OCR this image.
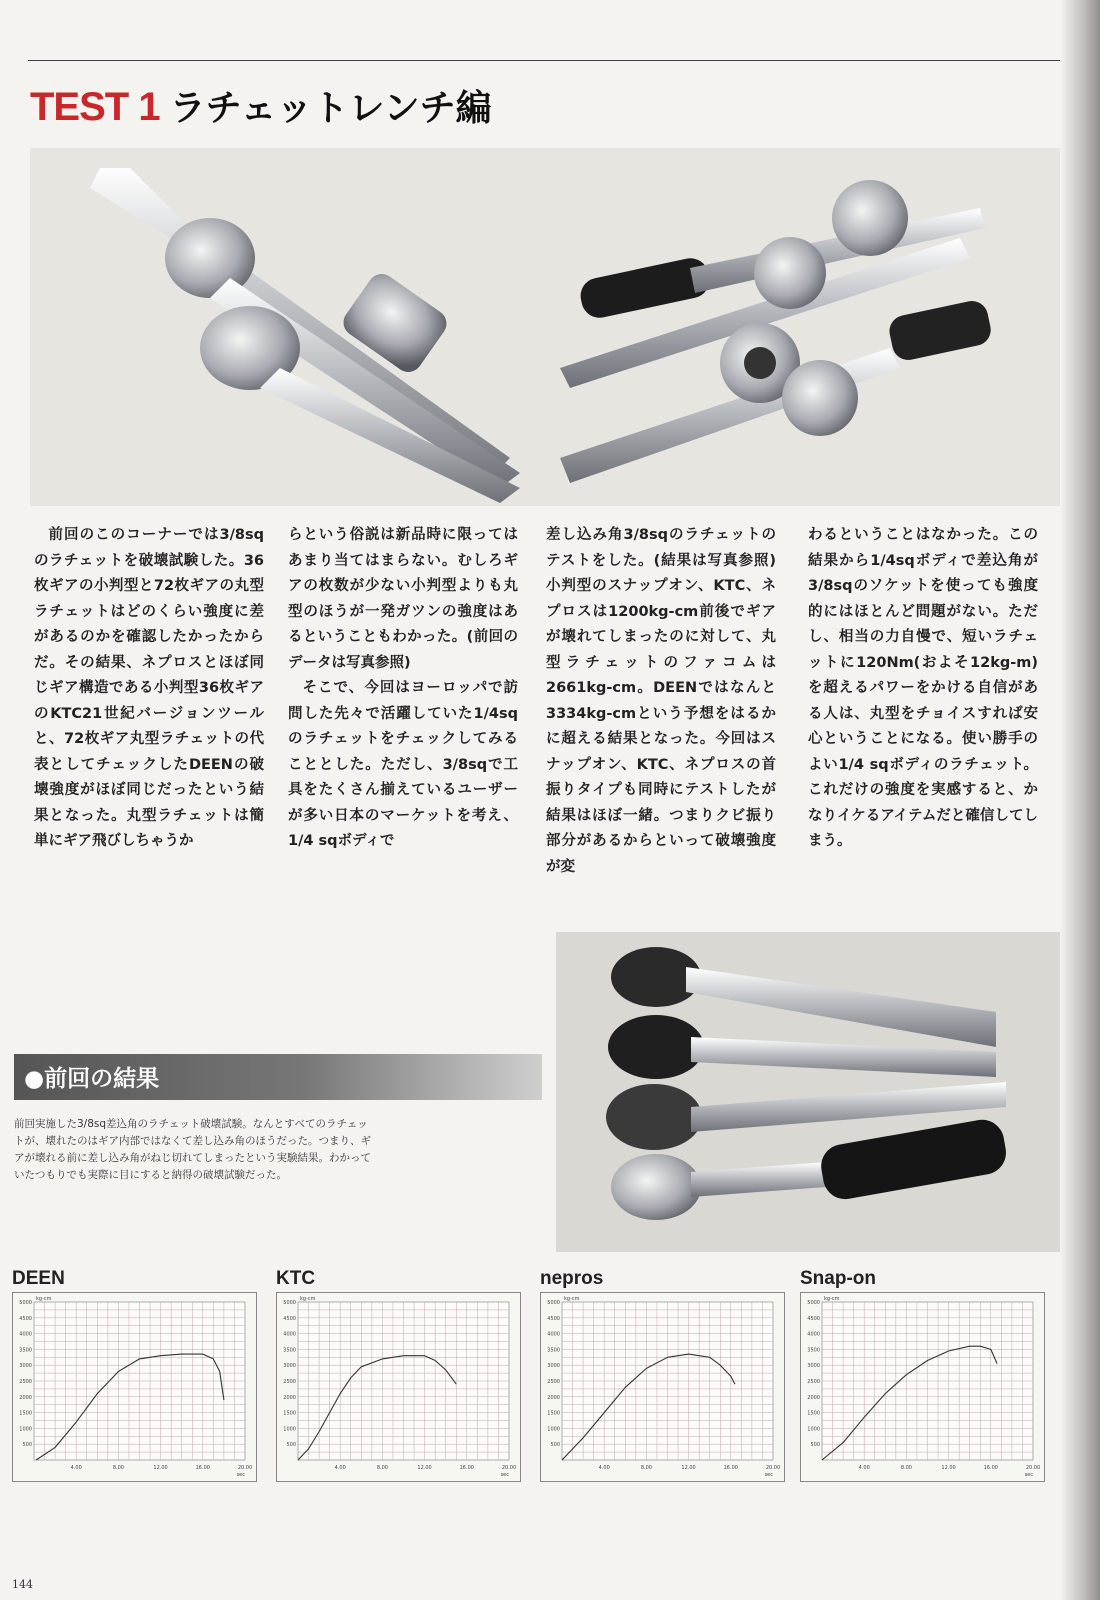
TEST 1 ラチェットレンチ編

前回のこのコーナーでは3/8sqのラチェットを破壊試験した。36枚ギアの小判型と72枚ギアの丸型ラチェットはどのくらい強度に差があるのかを確認したかったからだ。その結果、ネプロスとほぼ同じギア構造である小判型36枚ギアのKTC21世紀バージョンツールと、72枚ギア丸型ラチェットの代表としてチェックしたDEENの破壊強度がほぼ同じだったという結果となった。丸型ラチェットは簡単にギア飛びしちゃうか

らという俗説は新品時に限ってはあまり当てはまらない。むしろギアの枚数が少ない小判型よりも丸型のほうが一発ガツンの強度はあるということもわかった。(前回のデータは写真参照)

そこで、今回はヨーロッパで訪問した先々で活躍していた1/4sqのラチェットをチェックしてみることとした。ただし、3/8sqで工具をたくさん揃えているユーザーが多い日本のマーケットを考え、1/4 sqボディで

差し込み角3/8sqのラチェットのテストをした。(結果は写真参照)小判型のスナップオン、KTC、ネプロスは1200kg-cm前後でギアが壊れてしまったのに対して、丸型ラチェットのファコムは2661kg-cm。DEENではなんと3334kg-cmという予想をはるかに超える結果となった。今回はスナップオン、KTC、ネプロスの首振りタイプも同時にテストしたが結果はほぼ一緒。つまりクビ振り部分があるからといって破壊強度が変

わるということはなかった。この結果から1/4sqボディで差込角が3/8sqのソケットを使っても強度的にはほとんど問題がない。ただし、相当の力自慢で、短いラチェットに120Nm(およそ12kg-m)を超えるパワーをかける自信がある人は、丸型をチョイスすれば安心ということになる。使い勝手のよい1/4 sqボディのラチェット。これだけの強度を実感すると、かなりイケるアイテムだと確信してしまう。

●前回の結果
前回実施した3/8sq差込角のラチェット破壊試験。なんとすべてのラチェットが、壊れたのはギア内部ではなくて差し込み角のほうだった。つまり、ギアが壊れる前に差し込み角がねじ切れてしまったという実験結果。わかっていたつもりでも実際に目にすると納得の破壊試験だった。
DEEN
500
1000
1500
2000
2500
3000
3500
4000
4500
5000
4.00	8.00	12.00	16.00	20.00
kg-cm
sec
KTC
500
1000
1500
2000
2500
3000
3500
4000
4500
5000
4.00	8.00	12.00	16.00	20.00
kg-cm
sec
nepros
500
1000
1500
2000
2500
3000
3500
4000
4500
5000
4.00	8.00	12.00	16.00	20.00
kg-cm
sec
Snap-on
500
1000
1500
2000
2500
3000
3500
4000
4500
5000
4.00	8.00	12.00	16.00	20.00
kg-cm
sec
144
